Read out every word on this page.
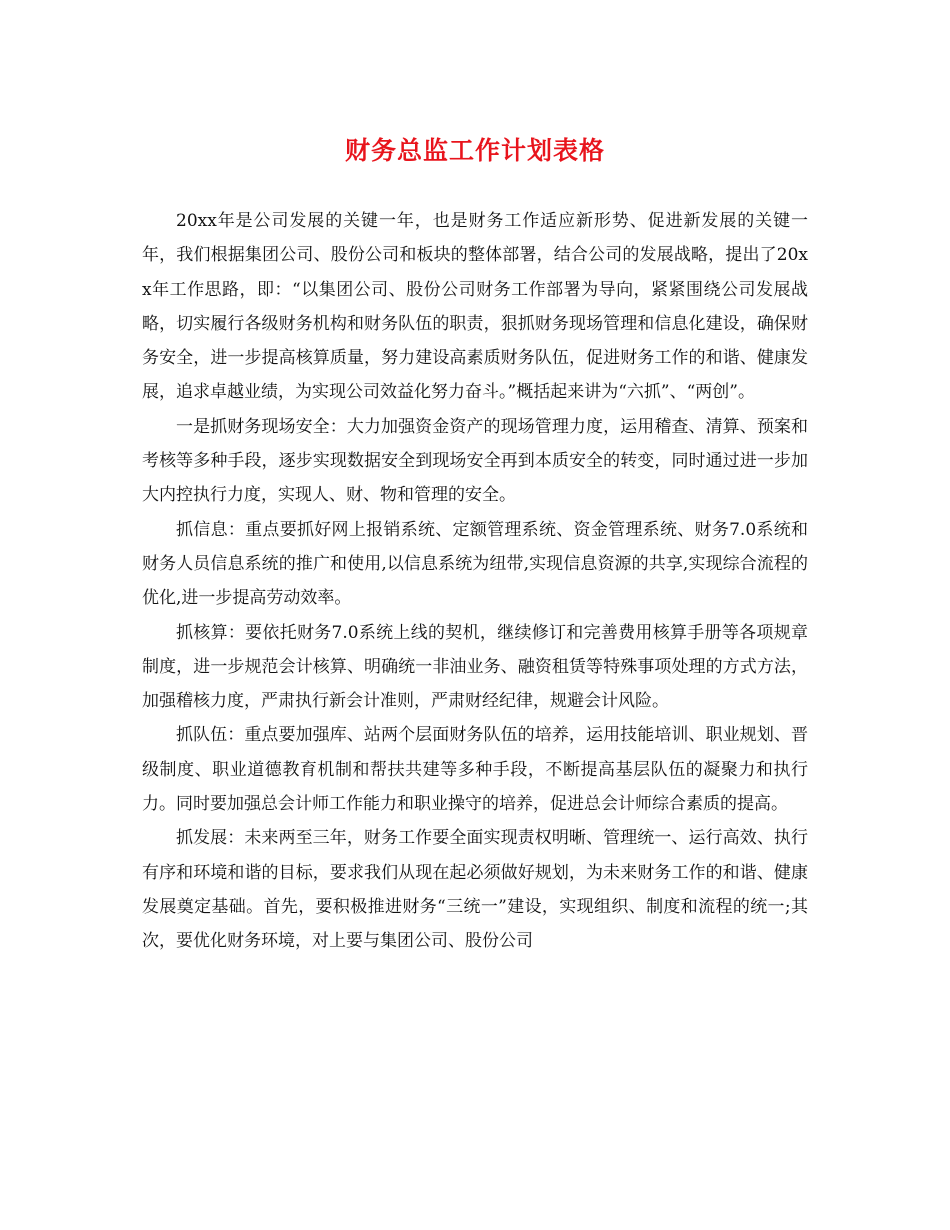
财务总监工作计划表格

20xx年是公司发展的关键一年，也是财务工作适应新形势、促进新发展的关键一年，我们根据集团公司、股份公司和板块的整体部署，结合公司的发展战略，提出了20xx年工作思路，即：“以集团公司、股份公司财务工作部署为导向，紧紧围绕公司发展战略，切实履行各级财务机构和财务队伍的职责，狠抓财务现场管理和信息化建设，确保财务安全，进一步提高核算质量，努力建设高素质财务队伍，促进财务工作的和谐、健康发展，追求卓越业绩，为实现公司效益化努力奋斗。”概括起来讲为“六抓”、“两创”。

一是抓财务现场安全：大力加强资金资产的现场管理力度，运用稽查、清算、预案和考核等多种手段，逐步实现数据安全到现场安全再到本质安全的转变，同时通过进一步加大内控执行力度，实现人、财、物和管理的安全。

抓信息：重点要抓好网上报销系统、定额管理系统、资金管理系统、财务7.0系统和财务人员信息系统的推广和使用,以信息系统为纽带,实现信息资源的共享,实现综合流程的优化,进一步提高劳动效率。

抓核算：要依托财务7.0系统上线的契机，继续修订和完善费用核算手册等各项规章制度，进一步规范会计核算、明确统一非油业务、融资租赁等特殊事项处理的方式方法，加强稽核力度，严肃执行新会计准则，严肃财经纪律，规避会计风险。

抓队伍：重点要加强库、站两个层面财务队伍的培养，运用技能培训、职业规划、晋级制度、职业道德教育机制和帮扶共建等多种手段，不断提高基层队伍的凝聚力和执行力。同时要加强总会计师工作能力和职业操守的培养，促进总会计师综合素质的提高。

抓发展：未来两至三年，财务工作要全面实现责权明晰、管理统一、运行高效、执行有序和环境和谐的目标，要求我们从现在起必须做好规划，为未来财务工作的和谐、健康发展奠定基础。首先，要积极推进财务“三统一”建设，实现组织、制度和流程的统一;其次，要优化财务环境，对上要与集团公司、股份公司
